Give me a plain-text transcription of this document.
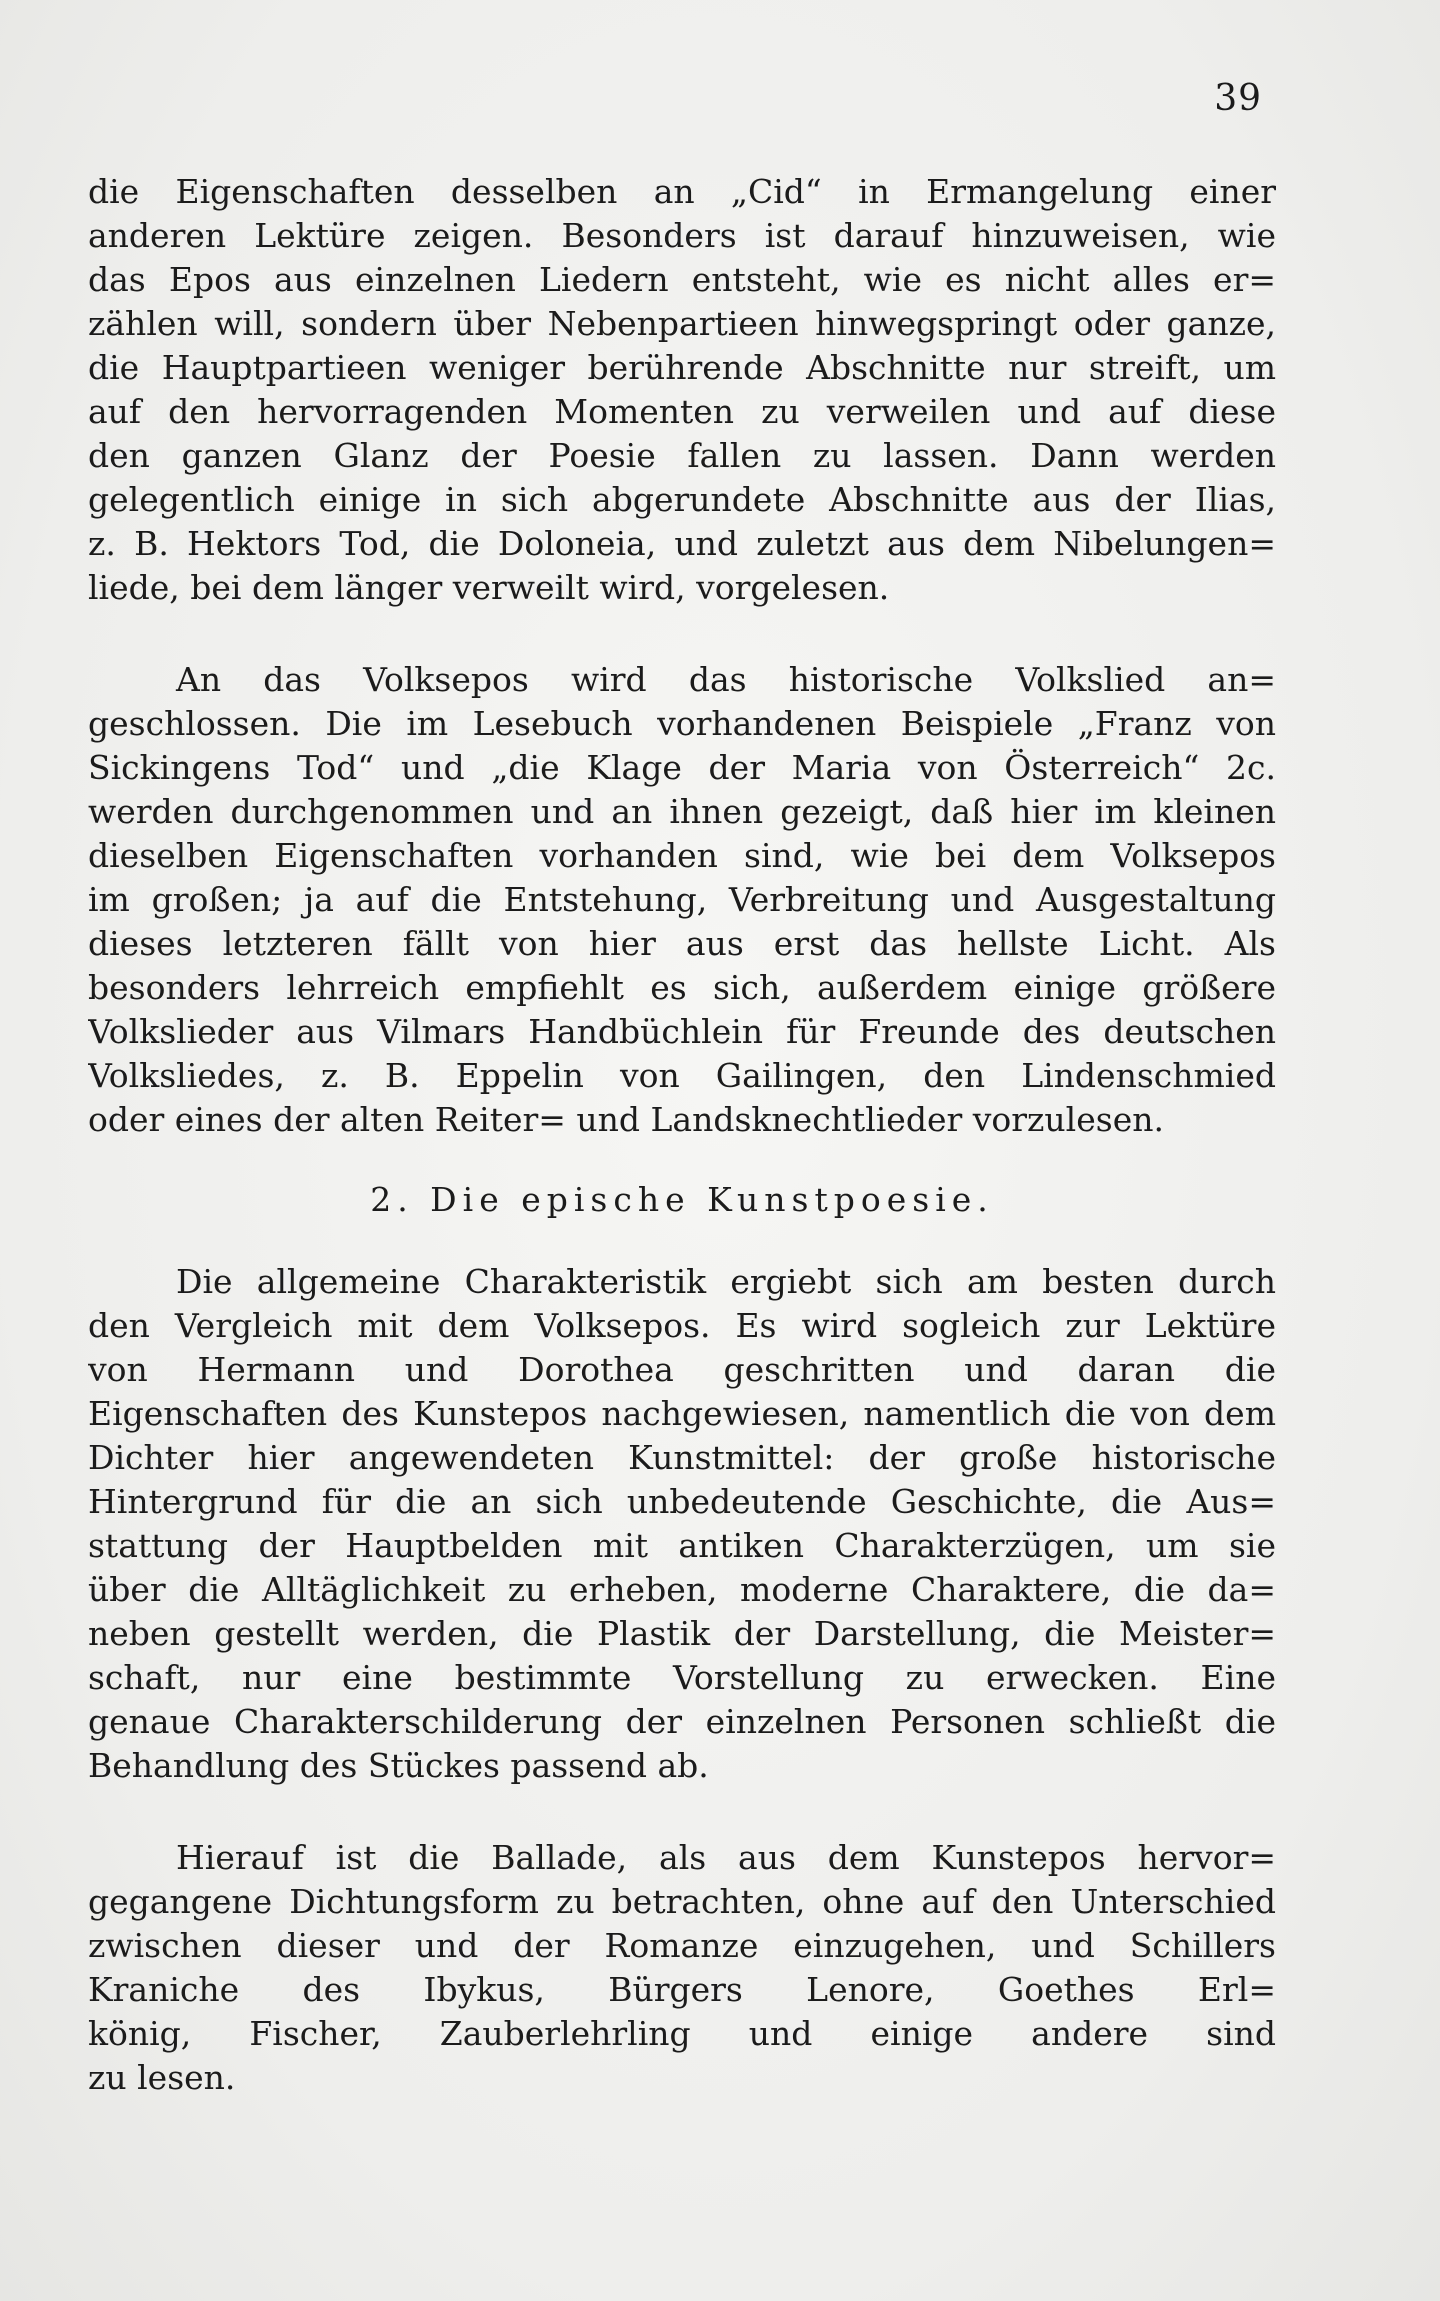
39
die Eigenschaften desselben an „Cid“ in Ermangelung einer
anderen Lektüre zeigen. Besonders ist darauf hinzuweisen, wie
das Epos aus einzelnen Liedern entsteht, wie es nicht alles er=
zählen will, sondern über Nebenpartieen hinwegspringt oder ganze,
die Hauptpartieen weniger berührende Abschnitte nur streift, um
auf den hervorragenden Momenten zu verweilen und auf diese
den ganzen Glanz der Poesie fallen zu lassen. Dann werden
gelegentlich einige in sich abgerundete Abschnitte aus der Ilias,
z. B. Hektors Tod, die Doloneia, und zuletzt aus dem Nibelungen=
liede, bei dem länger verweilt wird, vorgelesen.
An das Volksepos wird das historische Volkslied an=
geschlossen. Die im Lesebuch vorhandenen Beispiele „Franz von
Sickingens Tod“ und „die Klage der Maria von Österreich“ 2c.
werden durchgenommen und an ihnen gezeigt, daß hier im kleinen
dieselben Eigenschaften vorhanden sind, wie bei dem Volksepos
im großen; ja auf die Entstehung, Verbreitung und Ausgestaltung
dieses letzteren fällt von hier aus erst das hellste Licht. Als
besonders lehrreich empfiehlt es sich, außerdem einige größere
Volkslieder aus Vilmars Handbüchlein für Freunde des deutschen
Volksliedes, z. B. Eppelin von Gailingen, den Lindenschmied
oder eines der alten Reiter= und Landsknechtlieder vorzulesen.
2. Die epische Kunstpoesie.
Die allgemeine Charakteristik ergiebt sich am besten durch
den Vergleich mit dem Volksepos. Es wird sogleich zur Lektüre
von Hermann und Dorothea geschritten und daran die
Eigenschaften des Kunstepos nachgewiesen, namentlich die von dem
Dichter hier angewendeten Kunstmittel: der große historische
Hintergrund für die an sich unbedeutende Geschichte, die Aus=
stattung der Hauptbelden mit antiken Charakterzügen, um sie
über die Alltäglichkeit zu erheben, moderne Charaktere, die da=
neben gestellt werden, die Plastik der Darstellung, die Meister=
schaft, nur eine bestimmte Vorstellung zu erwecken. Eine
genaue Charakterschilderung der einzelnen Personen schließt die
Behandlung des Stückes passend ab.
Hierauf ist die Ballade, als aus dem Kunstepos hervor=
gegangene Dichtungsform zu betrachten, ohne auf den Unterschied
zwischen dieser und der Romanze einzugehen, und Schillers
Kraniche des Ibykus, Bürgers Lenore, Goethes Erl=
könig, Fischer, Zauberlehrling und einige andere sind
zu lesen.
